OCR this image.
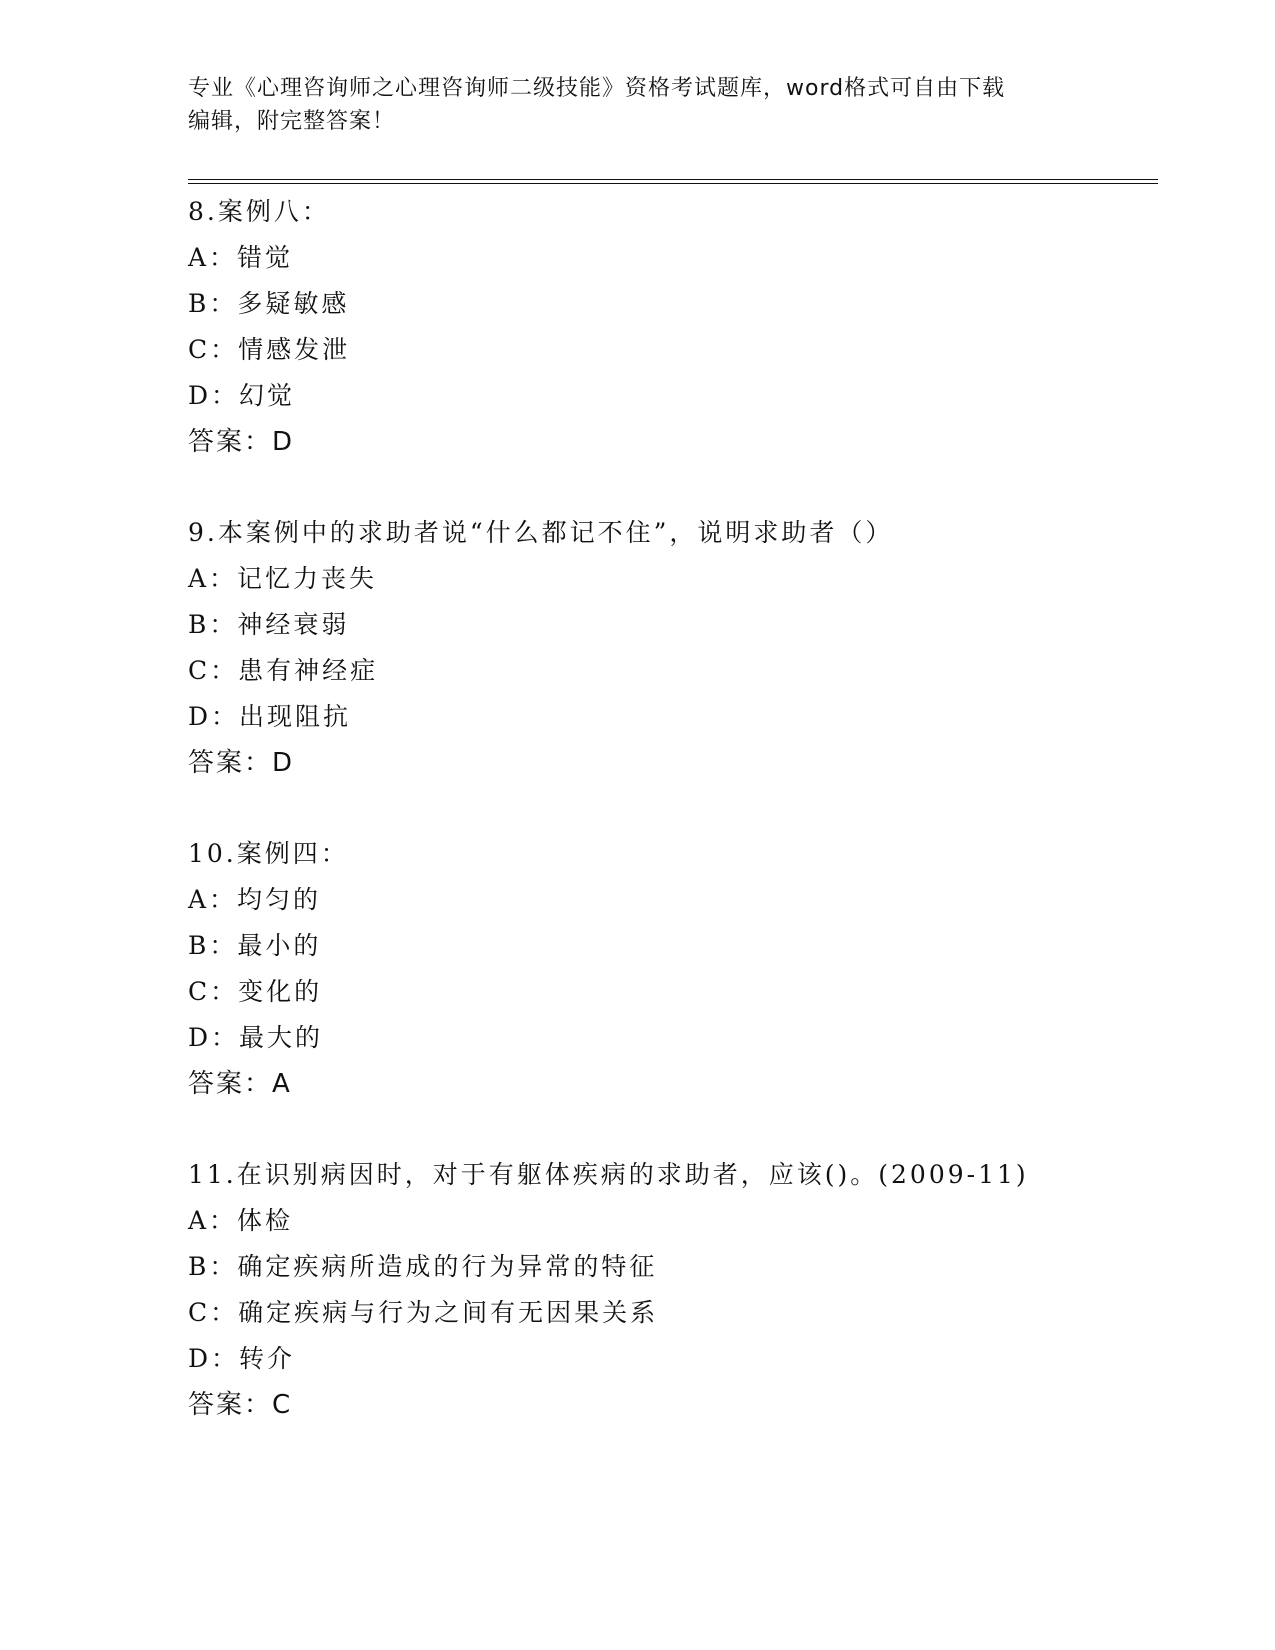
专业《心理咨询师之心理咨询师二级技能》资格考试题库，word格式可自由下载
编辑，附完整答案！
8.案例八：
A：错觉
B：多疑敏感
C：情感发泄
D：幻觉
答案：D
9.本案例中的求助者说“什么都记不住”，说明求助者（）
A：记忆力丧失
B：神经衰弱
C：患有神经症
D：出现阻抗
答案：D
10.案例四：
A：均匀的
B：最小的
C：变化的
D：最大的
答案：A
11.在识别病因时，对于有躯体疾病的求助者，应该()。(2009-11)
A：体检
B：确定疾病所造成的行为异常的特征
C：确定疾病与行为之间有无因果关系
D：转介
答案：C
